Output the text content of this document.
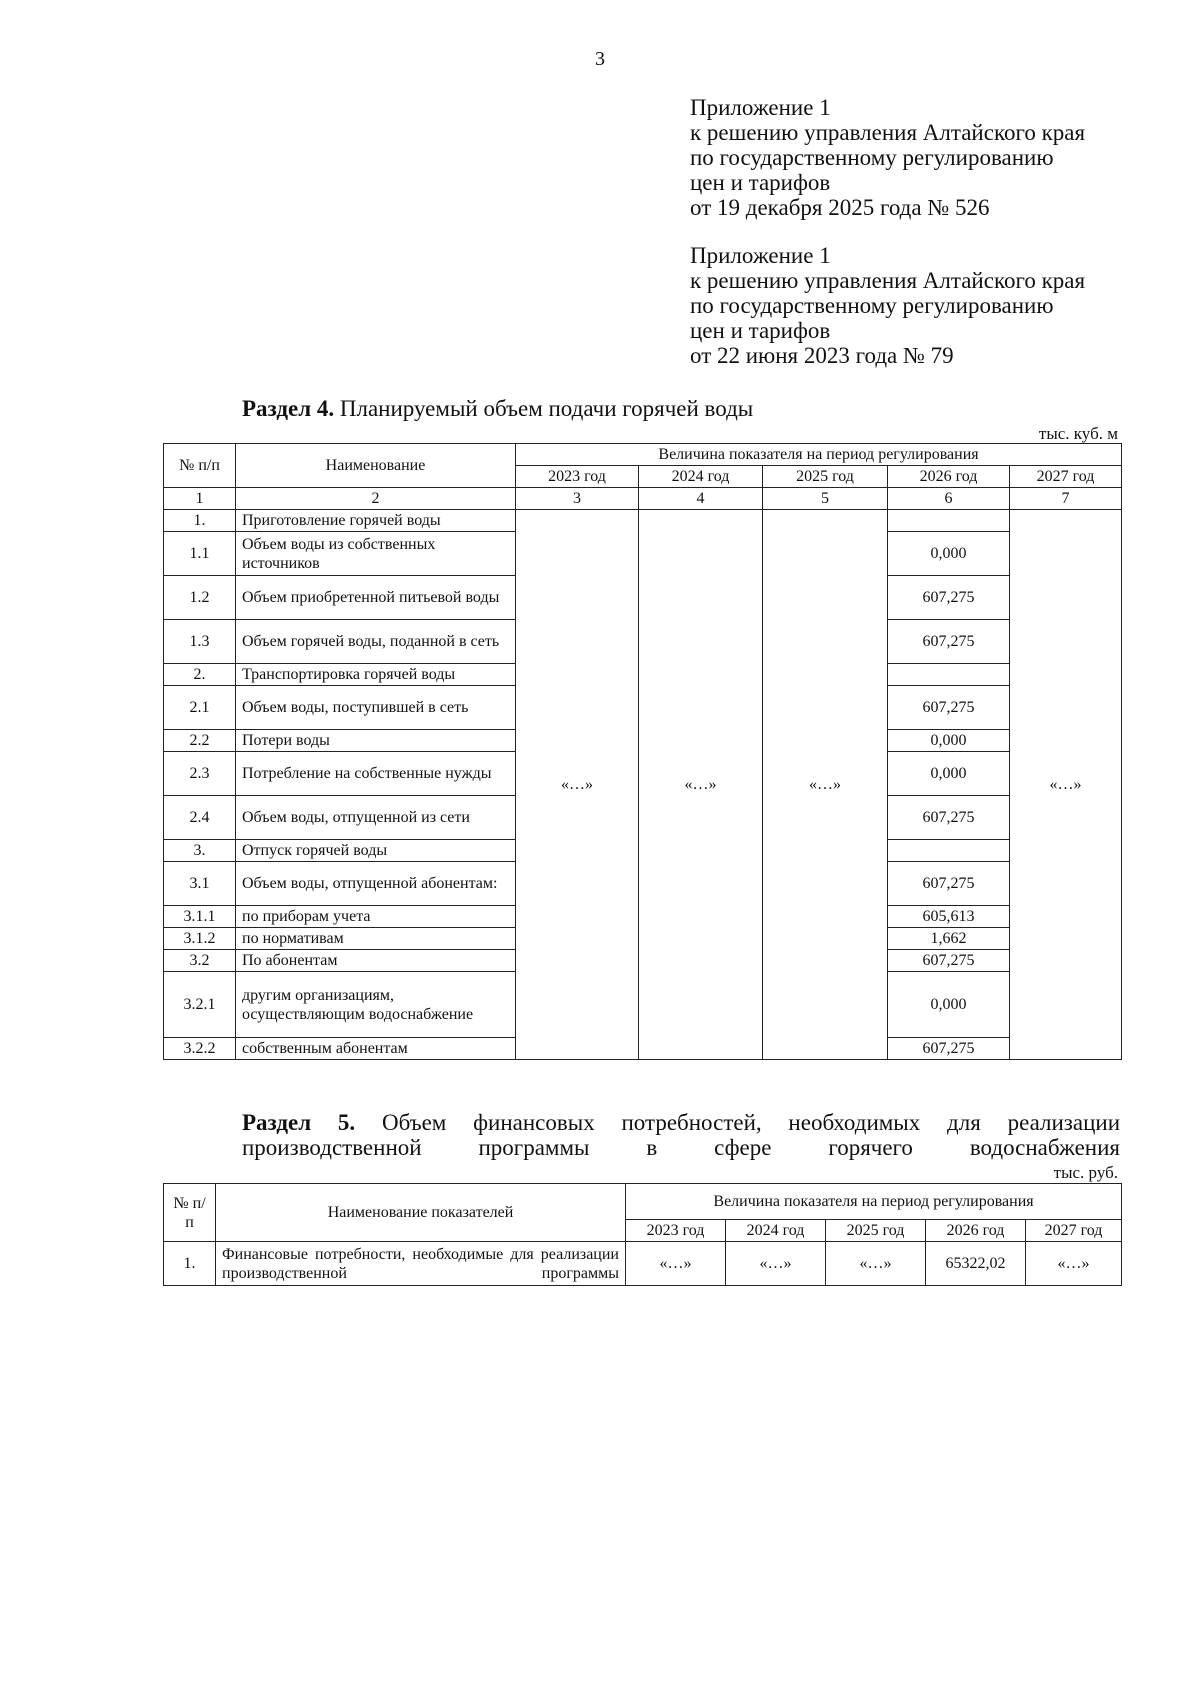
3
Приложение 1
к решению управления Алтайского края
по государственному регулированию
цен и тарифов
от 19 декабря 2025 года № 526
Приложение 1
к решению управления Алтайского края
по государственному регулированию
цен и тарифов
от 22 июня 2023 года № 79
Раздел 4. Планируемый объем подачи горячей воды
тыс. куб. м
№ п/п	Наименование	Величина показателя на период регулирования				
		2023 год	2024 год	2025 год	2026 год	2027 год
1	2	3	4	5	6	7
1.	Приготовление горячей воды	«…»	«…»	«…»		«…»
1.1	Объем воды из собственных источников				0,000	
1.2	Объем приобретенной питьевой воды				607,275	
1.3	Объем горячей воды, поданной в сеть				607,275	
2.	Транспортировка горячей воды					
2.1	Объем воды, поступившей в сеть				607,275	
2.2	Потери воды				0,000	
2.3	Потребление на собственные нужды				0,000	
2.4	Объем воды, отпущенной из сети				607,275	
3.	Отпуск горячей воды					
3.1	Объем воды, отпущенной абонентам:				607,275	
3.1.1	по приборам учета				605,613	
3.1.2	по нормативам				1,662	
3.2	По абонентам				607,275	
3.2.1	другим организациям, осуществляющим водоснабжение				0,000	
3.2.2	собственным абонентам				607,275	
Раздел 5. Объем финансовых потребностей, необходимых для реализации производственной программы в сфере горячего водоснабжения
тыс. руб.
№ п/п	Наименование показателей	Величина показателя на период регулирования				
		2023 год	2024 год	2025 год	2026 год	2027 год
1.	Финансовые потребности, необходимые для реализации производственной программы	«…»	«…»	«…»	65322,02	«…»
